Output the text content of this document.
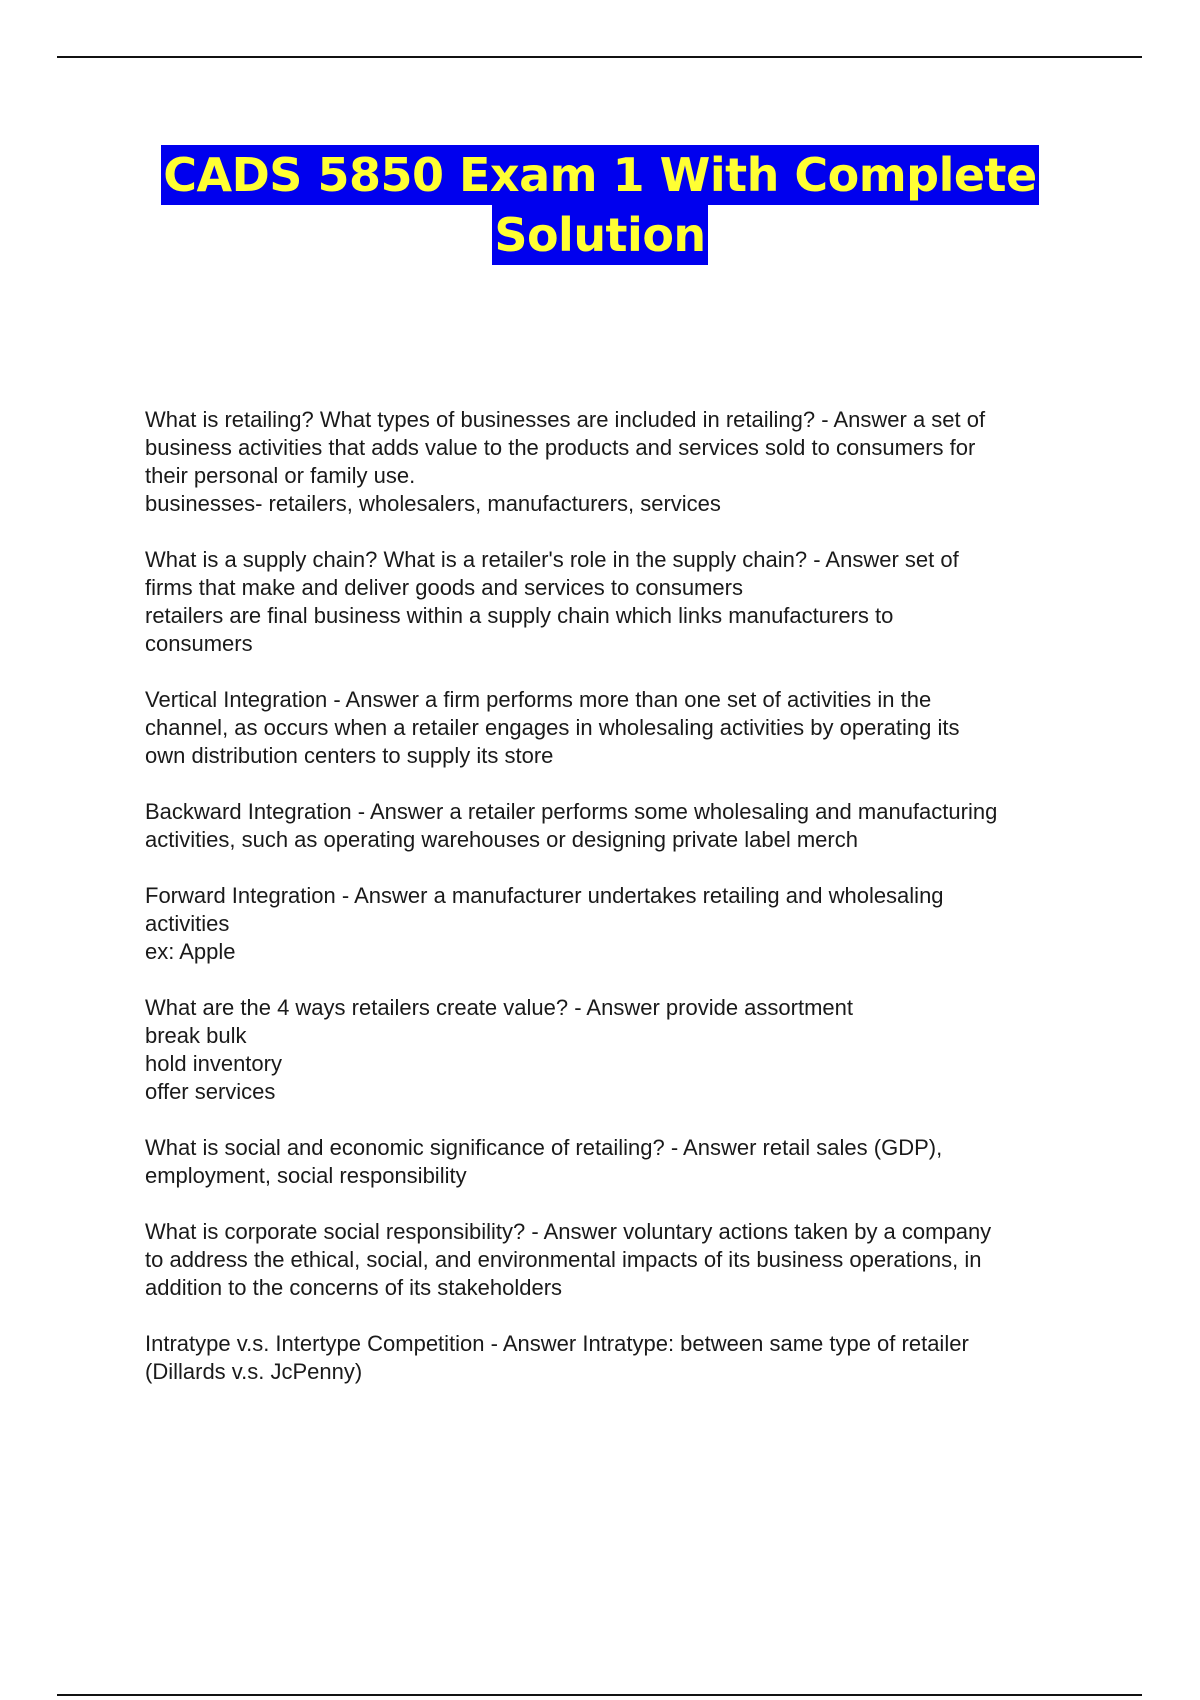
CADS 5850 Exam 1 With Complete
Solution
What is retailing? What types of businesses are included in retailing? - Answer a set of
business activities that adds value to the products and services sold to consumers for
their personal or family use.
businesses- retailers, wholesalers, manufacturers, services
What is a supply chain? What is a retailer's role in the supply chain? - Answer set of
firms that make and deliver goods and services to consumers
retailers are final business within a supply chain which links manufacturers to
consumers
Vertical Integration - Answer a firm performs more than one set of activities in the
channel, as occurs when a retailer engages in wholesaling activities by operating its
own distribution centers to supply its store
Backward Integration - Answer a retailer performs some wholesaling and manufacturing
activities, such as operating warehouses or designing private label merch
Forward Integration - Answer a manufacturer undertakes retailing and wholesaling
activities
ex: Apple
What are the 4 ways retailers create value? - Answer provide assortment
break bulk
hold inventory
offer services
What is social and economic significance of retailing? - Answer retail sales (GDP),
employment, social responsibility
What is corporate social responsibility? - Answer voluntary actions taken by a company
to address the ethical, social, and environmental impacts of its business operations, in
addition to the concerns of its stakeholders
Intratype v.s. Intertype Competition - Answer Intratype: between same type of retailer
(Dillards v.s. JcPenny)
